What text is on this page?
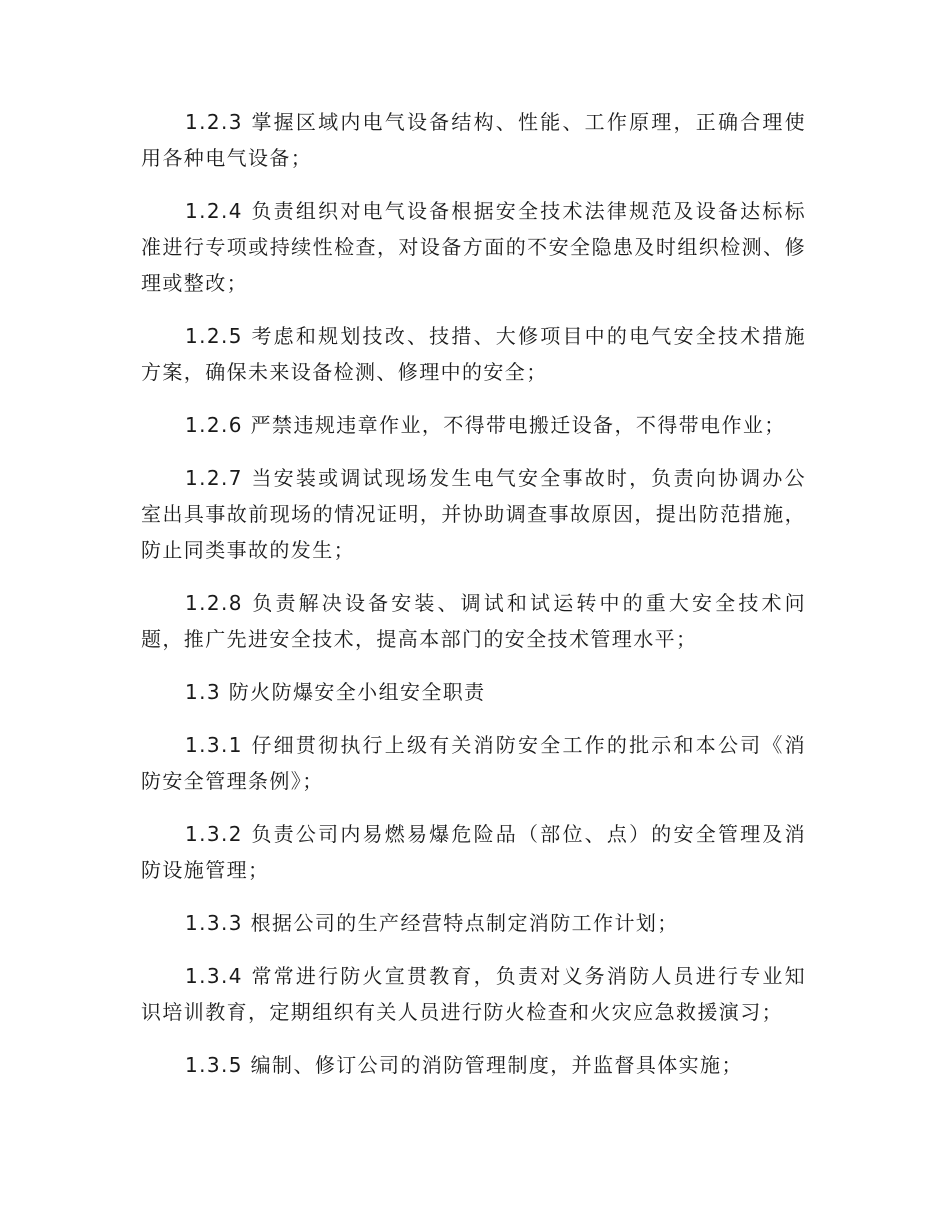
1.2.3 掌握区域内电气设备结构、性能、工作原理，正确合理使用各种电气设备；

1.2.4 负责组织对电气设备根据安全技术法律规范及设备达标标准进行专项或持续性检查，对设备方面的不安全隐患及时组织检测、修理或整改；

1.2.5 考虑和规划技改、技措、大修项目中的电气安全技术措施方案，确保未来设备检测、修理中的安全；

1.2.6 严禁违规违章作业，不得带电搬迁设备，不得带电作业；

1.2.7 当安装或调试现场发生电气安全事故时，负责向协调办公室出具事故前现场的情况证明，并协助调查事故原因，提出防范措施，防止同类事故的发生；

1.2.8 负责解决设备安装、调试和试运转中的重大安全技术问题，推广先进安全技术，提高本部门的安全技术管理水平；

1.3 防火防爆安全小组安全职责

1.3.1 仔细贯彻执行上级有关消防安全工作的批示和本公司《消防安全管理条例》；

1.3.2 负责公司内易燃易爆危险品（部位、点）的安全管理及消防设施管理；

1.3.3 根据公司的生产经营特点制定消防工作计划；

1.3.4 常常进行防火宣贯教育，负责对义务消防人员进行专业知识培训教育，定期组织有关人员进行防火检查和火灾应急救援演习；

1.3.5 编制、修订公司的消防管理制度，并监督具体实施；
